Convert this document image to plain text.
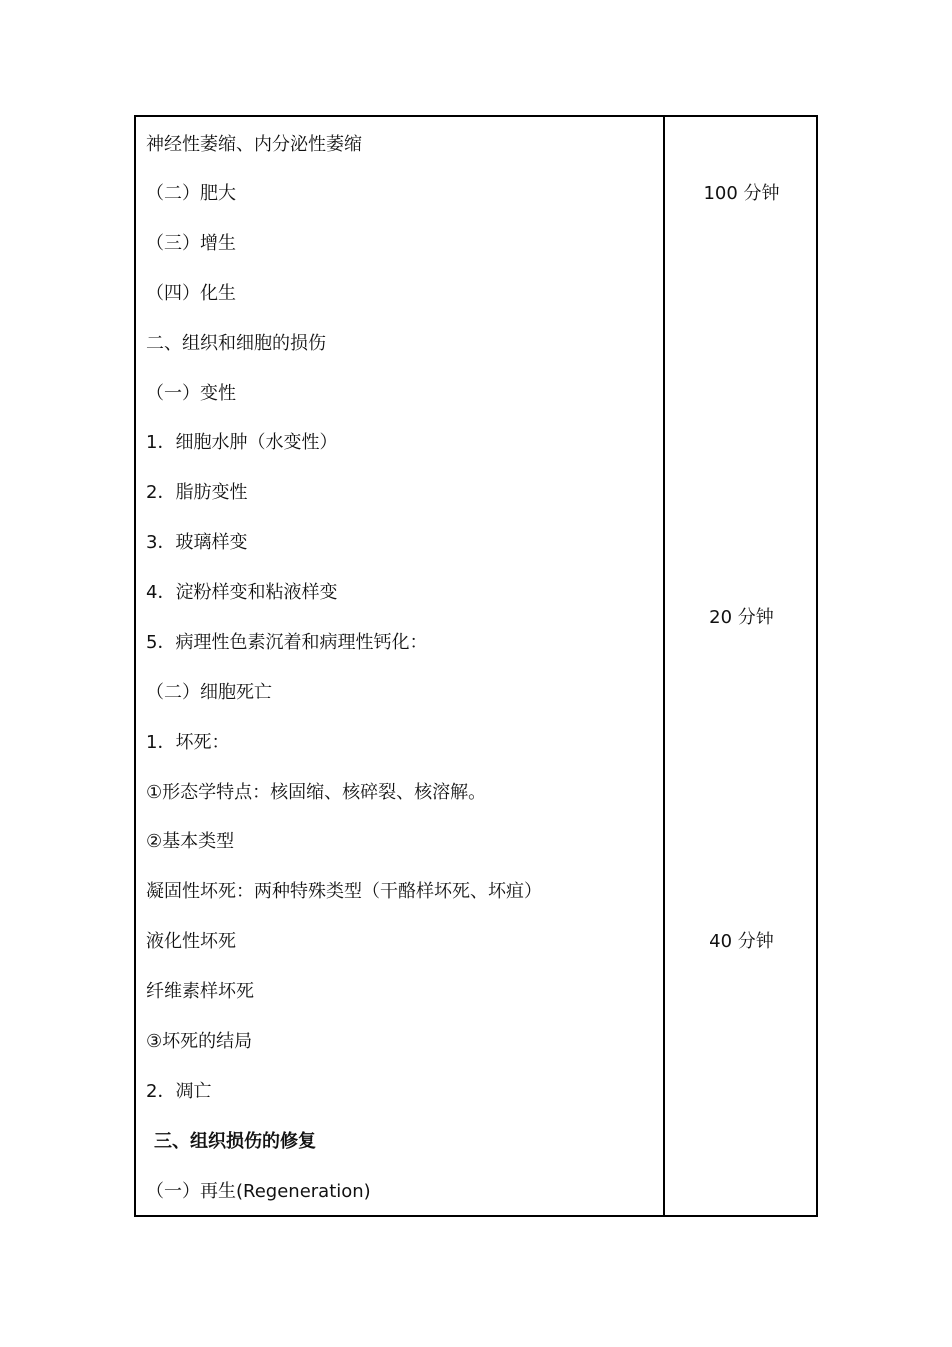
神经性萎缩、内分泌性萎缩
（二）肥大
（三）增生
（四）化生
二、组织和细胞的损伤
（一）变性
1．细胞水肿（水变性）
2．脂肪变性
3．玻璃样变
4．淀粉样变和粘液样变
5．病理性色素沉着和病理性钙化：
（二）细胞死亡
1．坏死：
①形态学特点：核固缩、核碎裂、核溶解。
②基本类型
凝固性坏死：两种特殊类型（干酪样坏死、坏疽）
液化性坏死
纤维素样坏死
③坏死的结局
2．凋亡
三、组织损伤的修复
（一）再生(Regeneration)
100 分钟
20 分钟
40 分钟
